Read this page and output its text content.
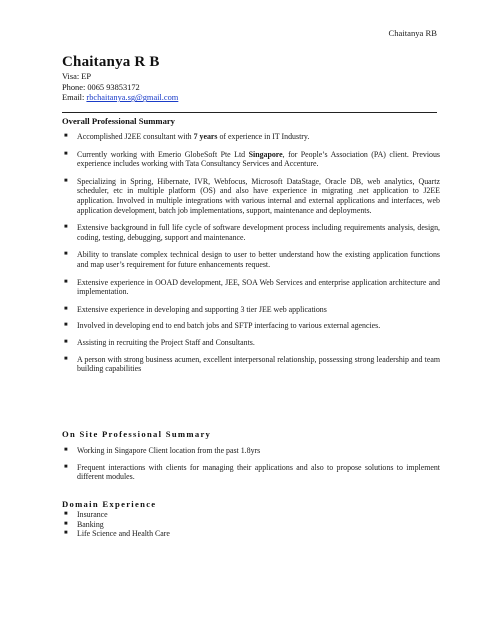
Chaitanya RB
Chaitanya R B
Visa: EP
Phone: 0065 93853172
Email: rbchaitanya.sg@gmail.com
Overall Professional Summary
■ Accomplished J2EE consultant with 7 years of experience in IT Industry.
■ Currently working with Emerio GlobeSoft Pte Ltd Singapore, for People’s Association (PA) client. Previous experience includes working with Tata Consultancy Services and Accenture.
■ Specializing in Spring, Hibernate, IVR, Webfocus, Microsoft DataStage, Oracle DB, web analytics, Quartz scheduler, etc in multiple platform (OS) and also have experience in migrating .net application to J2EE application. Involved in multiple integrations with various internal and external applications and interfaces, web application development, batch job implementations, support, maintenance and deployments.
■ Extensive background in full life cycle of software development process including requirements analysis, design, coding, testing, debugging, support and maintenance.
■ Ability to translate complex technical design to user to better understand how the existing application functions and map user’s requirement for future enhancements request.
■ Extensive experience in OOAD development, JEE, SOA Web Services and enterprise application architecture and implementation.
■ Extensive experience in developing and supporting 3 tier JEE web applications
■ Involved in developing end to end batch jobs and SFTP interfacing to various external agencies.
■ Assisting in recruiting the Project Staff and Consultants.
■ A person with strong business acumen, excellent interpersonal relationship, possessing strong leadership and team building capabilities
On Site Professional Summary
■ Working in Singapore Client location from the past 1.8yrs
■ Frequent interactions with clients for managing their applications and also to propose solutions to implement different modules.
Domain Experience
■ Insurance
■ Banking
■ Life Science and Health Care
